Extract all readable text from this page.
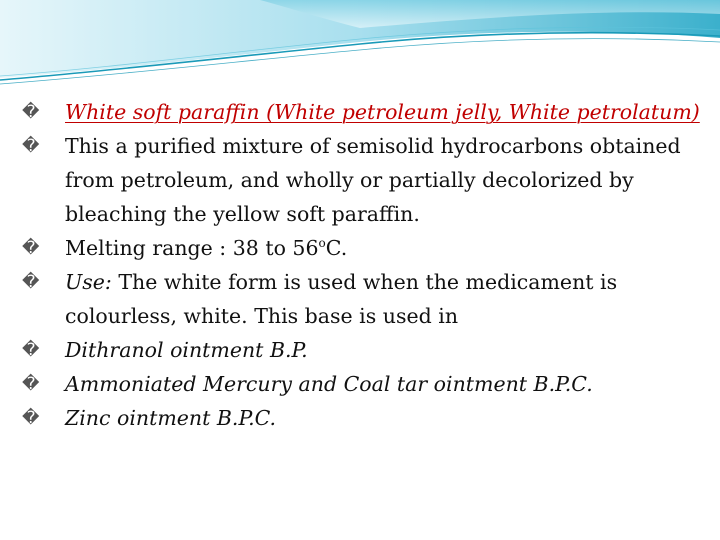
�	White soft paraffin (White petroleum jelly, White petrolatum)

�	This a purified mixture of semisolid hydrocarbons obtained from petroleum, and wholly or partially decolorized by bleaching the yellow soft paraffin.

�	Melting range : 38 to 56$^o$C.

�	Use: The white form is used when the medicament is colourless, white. This base is used in

�	Dithranol ointment B.P.

�	Ammoniated Mercury and Coal tar ointment B.P.C.

�	Zinc ointment B.P.C.
